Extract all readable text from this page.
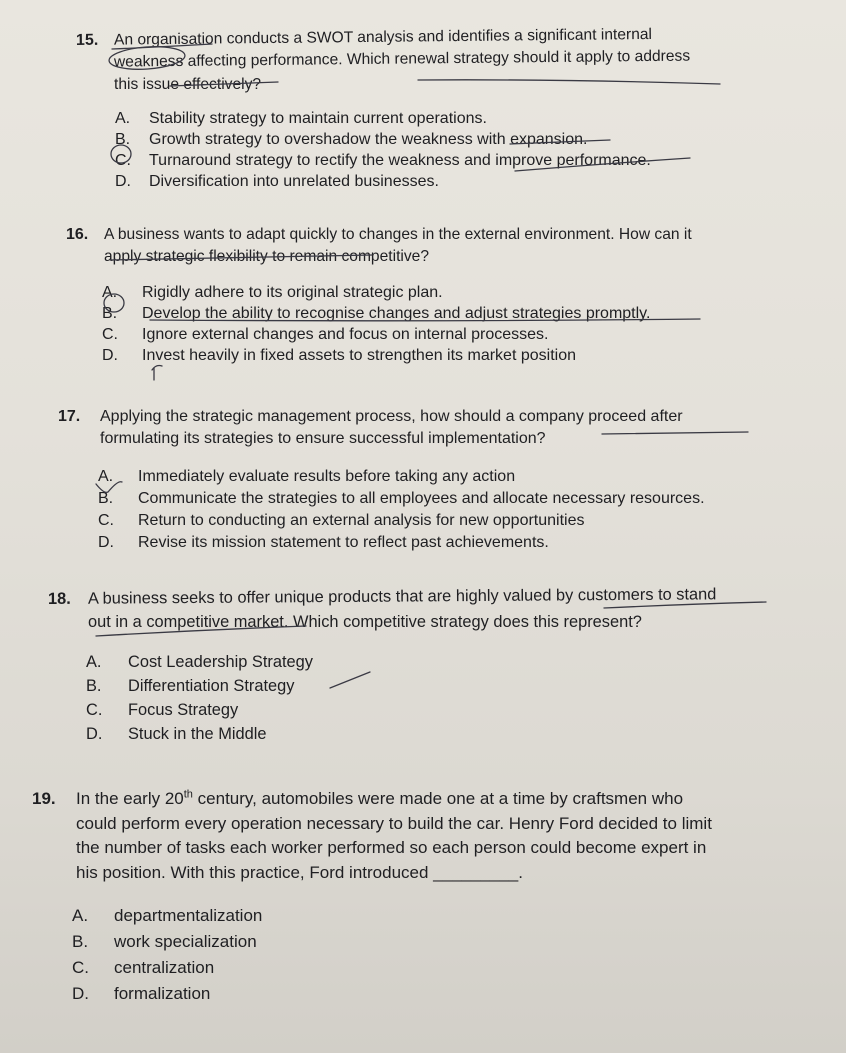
15. An organisation conducts a SWOT analysis and identifies a significant internal
weakness affecting performance. Which renewal strategy should it apply to address
this issue effectively?
A. Stability strategy to maintain current operations.
B. Growth strategy to overshadow the weakness with expansion.
C. Turnaround strategy to rectify the weakness and improve performance.
D. Diversification into unrelated businesses.
16. A business wants to adapt quickly to changes in the external environment. How can it
apply strategic flexibility to remain competitive?
A. Rigidly adhere to its original strategic plan.
B. Develop the ability to recognise changes and adjust strategies promptly.
C. Ignore external changes and focus on internal processes.
D. Invest heavily in fixed assets to strengthen its market position
17. Applying the strategic management process, how should a company proceed after
formulating its strategies to ensure successful implementation?
A. Immediately evaluate results before taking any action
B. Communicate the strategies to all employees and allocate necessary resources.
C. Return to conducting an external analysis for new opportunities
D. Revise its mission statement to reflect past achievements.
18. A business seeks to offer unique products that are highly valued by customers to stand
out in a competitive market. Which competitive strategy does this represent?
A. Cost Leadership Strategy
B. Differentiation Strategy
C. Focus Strategy
D. Stuck in the Middle
19. In the early 20th century, automobiles were made one at a time by craftsmen who
could perform every operation necessary to build the car. Henry Ford decided to limit
the number of tasks each worker performed so each person could become expert in
his position. With this practice, Ford introduced _________.
A. departmentalization
B. work specialization
C. centralization
D. formalization
